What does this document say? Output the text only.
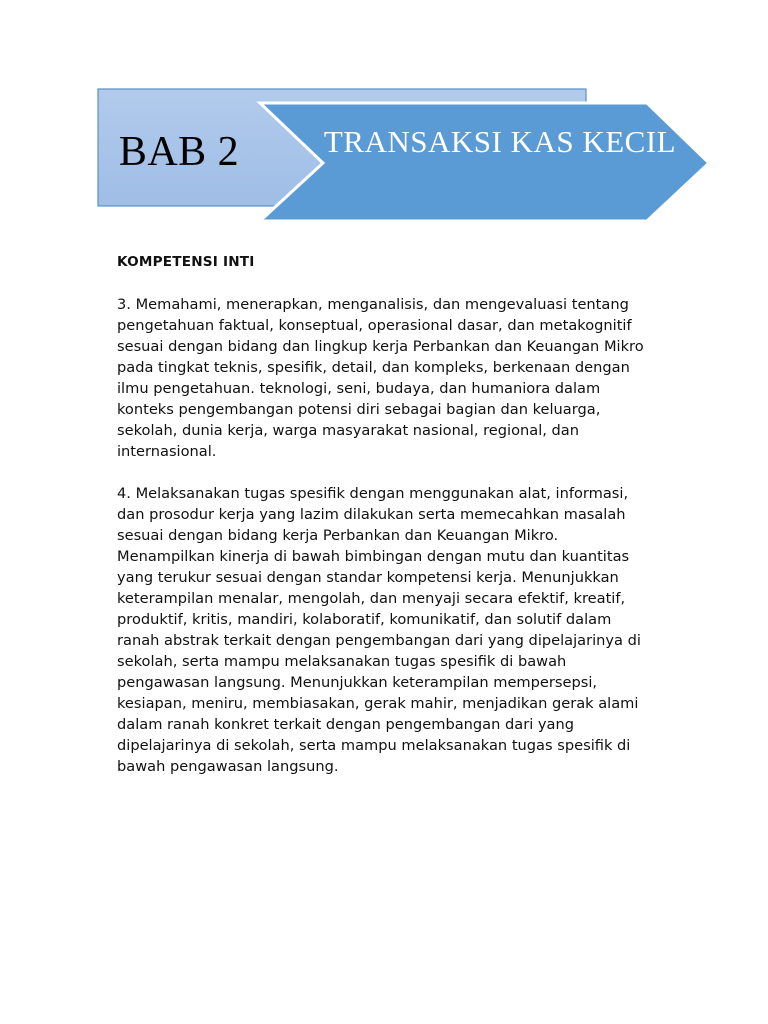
BAB 2	TRANSAKSI KAS KECIL
KOMPETENSI INTI

3. Memahami, menerapkan, menganalisis, dan mengevaluasi tentang pengetahuan faktual, konseptual, operasional dasar, dan metakognitif sesuai dengan bidang dan lingkup kerja Perbankan dan Keuangan Mikro pada tingkat teknis, spesifik, detail, dan kompleks, berkenaan dengan ilmu pengetahuan. teknologi, seni, budaya, dan humaniora dalam konteks pengembangan potensi diri sebagai bagian dan keluarga, sekolah, dunia kerja, warga masyarakat nasional, regional, dan internasional.

4. Melaksanakan tugas spesifik dengan menggunakan alat, informasi, dan prosodur kerja yang lazim dilakukan serta memecahkan masalah sesuai dengan bidang kerja Perbankan dan Keuangan Mikro. Menampilkan kinerja di bawah bimbingan dengan mutu dan kuantitas yang terukur sesuai dengan standar kompetensi kerja. Menunjukkan keterampilan menalar, mengolah, dan menyaji secara efektif, kreatif, produktif, kritis, mandiri, kolaboratif, komunikatif, dan solutif dalam ranah abstrak terkait dengan pengembangan dari yang dipelajarinya di sekolah, serta mampu melaksanakan tugas spesifik di bawah pengawasan langsung. Menunjukkan keterampilan mempersepsi, kesiapan, meniru, membiasakan, gerak mahir, menjadikan gerak alami dalam ranah konkret terkait dengan pengembangan dari yang dipelajarinya di sekolah, serta mampu melaksanakan tugas spesifik di bawah pengawasan langsung.
